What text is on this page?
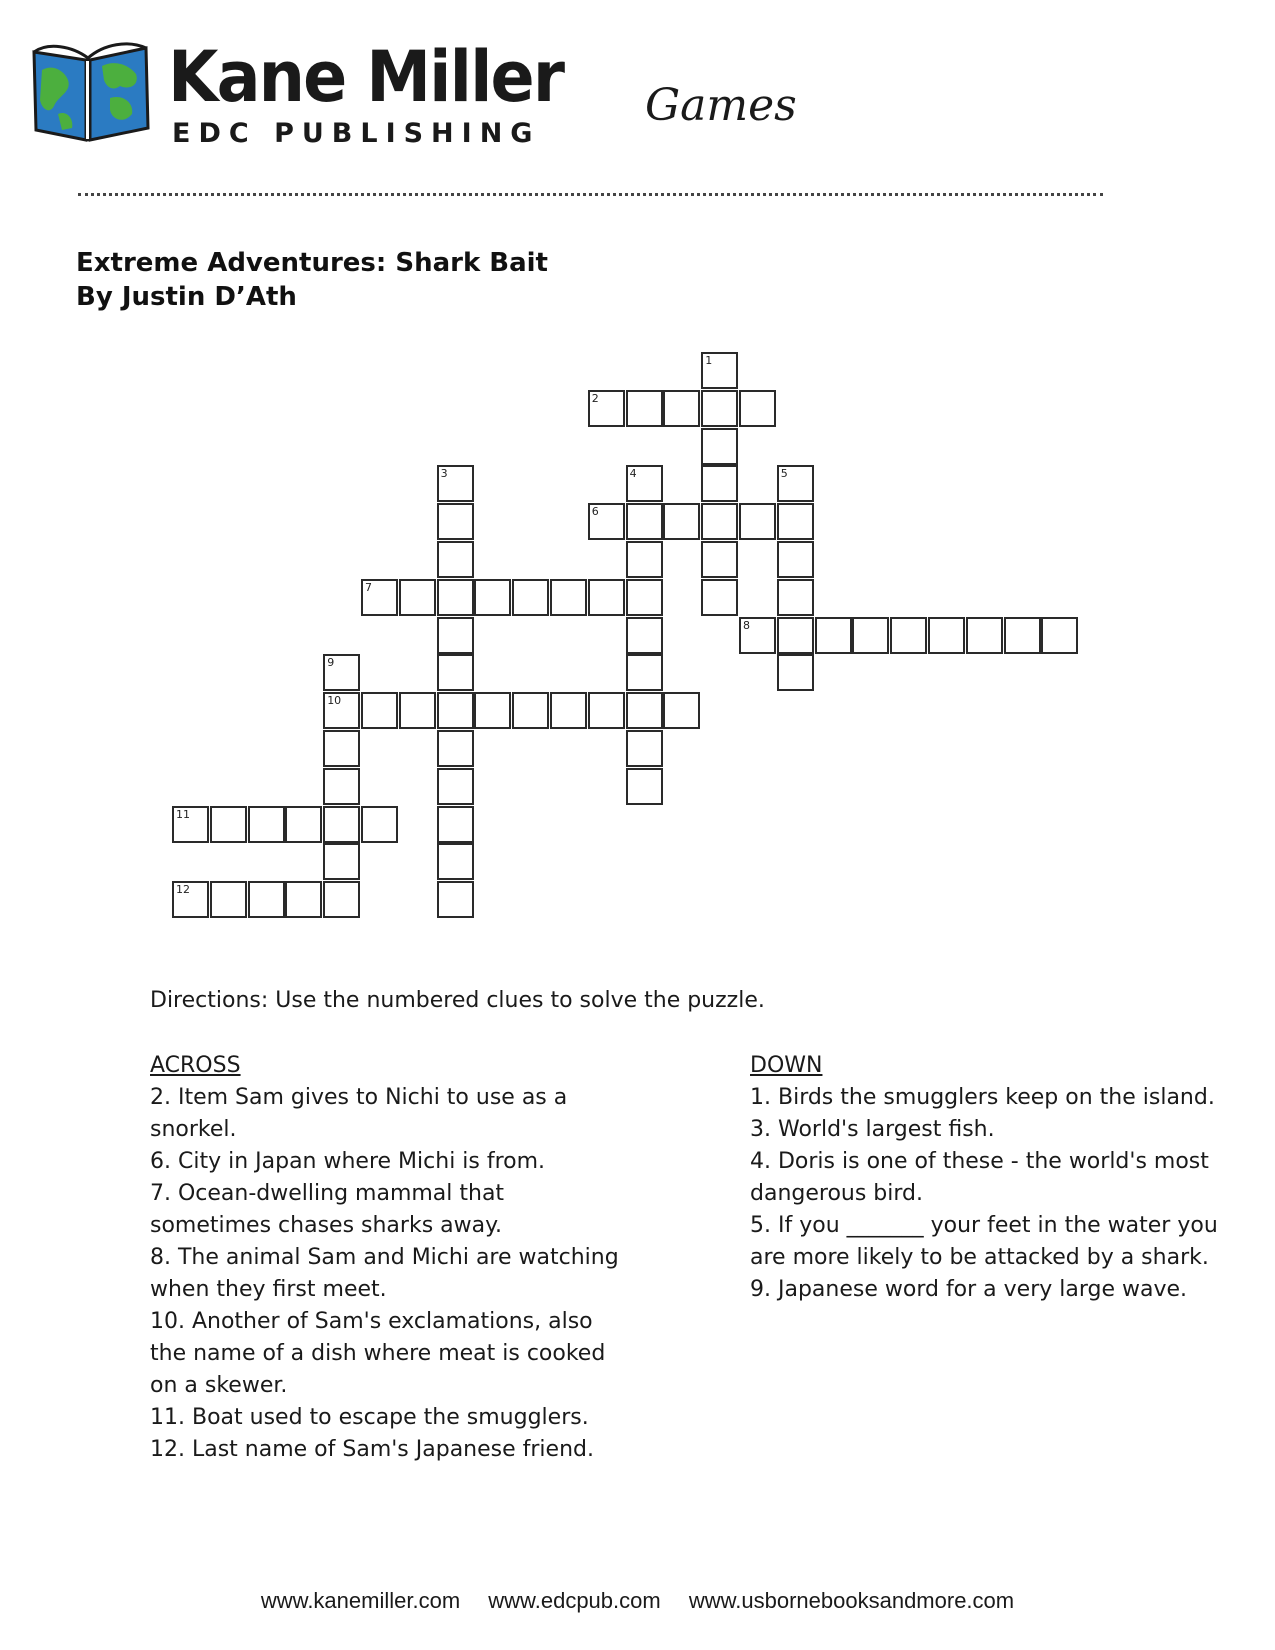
Kane Miller
EDC PUBLISHING
Games
Extreme Adventures: Shark Bait
By Justin D’Ath
1
2
3	4	5
6
7
8
9
10
11
12
Directions: Use the numbered clues to solve the puzzle.
ACROSS
2. Item Sam gives to Nichi to use as a snorkel.
6. City in Japan where Michi is from.
7. Ocean-dwelling mammal that sometimes chases sharks away.
8. The animal Sam and Michi are watching when they first meet.
10. Another of Sam's exclamations, also the name of a dish where meat is cooked on a skewer.
11. Boat used to escape the smugglers.
12. Last name of Sam's Japanese friend.
DOWN
1. Birds the smugglers keep on the island.
3. World's largest fish.
4. Doris is one of these - the world's most dangerous bird.
5. If you _______ your feet in the water you are more likely to be attacked by a shark.
9. Japanese word for a very large wave.
www.kanemiller.com www.edcpub.com www.usbornebooksandmore.com
